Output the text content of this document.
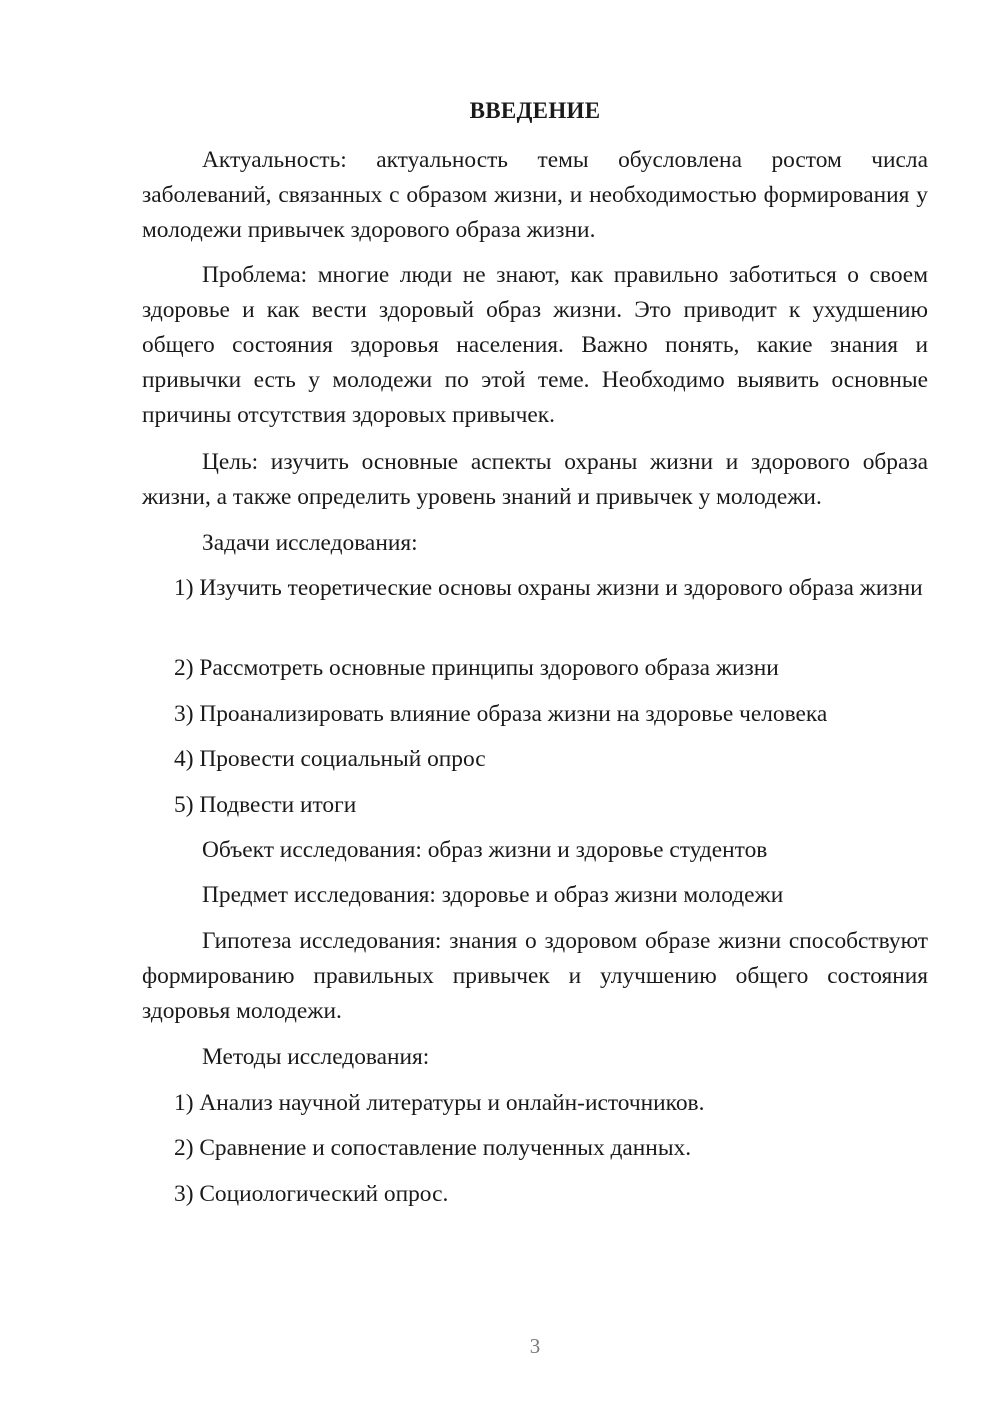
ВВЕДЕНИЕ

Актуальность: актуальность темы обусловлена ростом числа заболеваний, связанных с образом жизни, и необходимостью формирования у молодежи привычек здорового образа жизни.

Проблема: многие люди не знают, как правильно заботиться о своем здоровье и как вести здоровый образ жизни. Это приводит к ухудшению общего состояния здоровья населения. Важно понять, какие знания и привычки есть у молодежи по этой теме. Необходимо выявить основные причины отсутствия здоровых привычек.

Цель: изучить основные аспекты охраны жизни и здорового образа жизни, а также определить уровень знаний и привычек у молодежи.

Задачи исследования:

1) Изучить теоретические основы охраны жизни и здорового образа жизни

2) Рассмотреть основные принципы здорового образа жизни

3) Проанализировать влияние образа жизни на здоровье человека

4) Провести социальный опрос

5) Подвести итоги

Объект исследования: образ жизни и здоровье студентов

Предмет исследования: здоровье и образ жизни молодежи

Гипотеза исследования: знания о здоровом образе жизни способствуют формированию правильных привычек и улучшению общего состояния здоровья молодежи.

Методы исследования:

1) Анализ научной литературы и онлайн-источников.

2) Сравнение и сопоставление полученных данных.

3) Социологический опрос.

3
